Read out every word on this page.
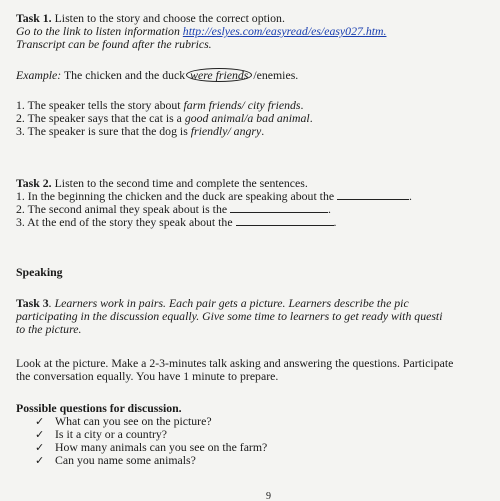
Task 1. Listen to the story and choose the correct option.
Go to the link to listen information http://eslyes.com/easyread/es/easy027.htm.
Transcript can be found after the rubrics.
Example: The chicken and the duck were friends /enemies.
1. The speaker tells the story about farm friends/ city friends.
2. The speaker says that the cat is a good animal/a bad animal.
3. The speaker is sure that the dog is friendly/ angry.
Task 2. Listen to the second time and complete the sentences.
1. In the beginning the chicken and the duck are speaking about the	.
2. The second animal they speak about is the	.
3. At the end of the story they speak about the	.
Speaking
Task 3. Learners work in pairs. Each pair gets a picture. Learners describe the pic
participating in the discussion equally. Give some time to learners to get ready with questi
to the picture.
Look at the picture. Make a 2-3-minutes talk asking and answering the questions. Participate
the conversation equally. You have 1 minute to prepare.
Possible questions for discussion.
✓ What can you see on the picture?
✓ Is it a city or a country?
✓ How many animals can you see on the farm?
✓ Can you name some animals?
9
